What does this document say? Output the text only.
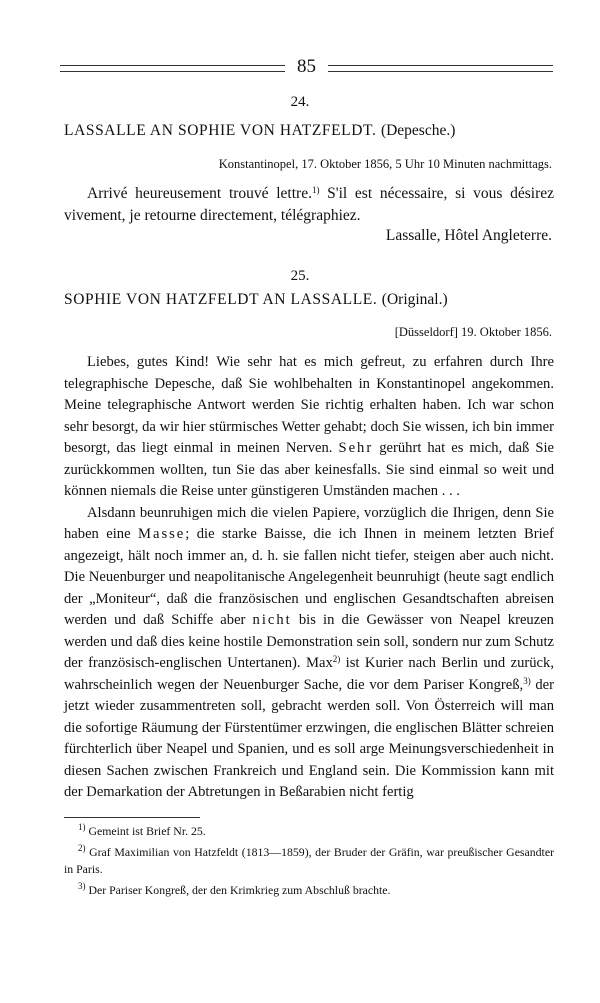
85
24.
LASSALLE AN SOPHIE VON HATZFELDT. (Depesche.)
Konstantinopel, 17. Oktober 1856, 5 Uhr 10 Minuten nachmittags.

Arrivé heureusement trouvé lettre.$^{1)}$ S'il est nécessaire, si vous désirez vivement, je retourne directement, télégraphiez.

Lassalle, Hôtel Angleterre.
25.
SOPHIE VON HATZFELDT AN LASSALLE. (Original.)
[Düsseldorf] 19. Oktober 1856.

Liebes, gutes Kind! Wie sehr hat es mich gefreut, zu erfahren durch Ihre telegraphische Depesche, daß Sie wohlbehalten in Konstantinopel angekommen. Meine telegraphische Antwort werden Sie richtig erhalten haben. Ich war schon sehr besorgt, da wir hier stürmisches Wetter gehabt; doch Sie wissen, ich bin immer besorgt, das liegt einmal in meinen Nerven. Sehr gerührt hat es mich, daß Sie zurückkommen wollten, tun Sie das aber keinesfalls. Sie sind einmal so weit und können niemals die Reise unter günstigeren Umständen machen . . .

Alsdann beunruhigen mich die vielen Papiere, vorzüglich die Ihrigen, denn Sie haben eine Masse; die starke Baisse, die ich Ihnen in meinem letzten Brief angezeigt, hält noch immer an, d. h. sie fallen nicht tiefer, steigen aber auch nicht. Die Neuenburger und neapolitanische Angelegenheit beunruhigt (heute sagt endlich der „Moniteur“, daß die französischen und englischen Gesandtschaften abreisen werden und daß Schiffe aber nicht bis in die Gewässer von Neapel kreuzen werden und daß dies keine hostile Demonstration sein soll, sondern nur zum Schutz der französisch-englischen Untertanen). Max$^{2)}$ ist Kurier nach Berlin und zurück, wahrscheinlich wegen der Neuenburger Sache, die vor dem Pariser Kongreß,$^{3)}$ der jetzt wieder zusammentreten soll, gebracht werden soll. Von Österreich will man die sofortige Räumung der Fürstentümer erzwingen, die englischen Blätter schreien fürchterlich über Neapel und Spanien, und es soll arge Meinungsverschiedenheit in diesen Sachen zwischen Frankreich und England sein. Die Kommission kann mit der Demarkation der Abtretungen in Beßarabien nicht fertig

$^{1)}$ Gemeint ist Brief Nr. 25.

$^{2)}$ Graf Maximilian von Hatzfeldt (1813—1859), der Bruder der Gräfin, war preußischer Gesandter in Paris.

$^{3)}$ Der Pariser Kongreß, der den Krimkrieg zum Abschluß brachte.
